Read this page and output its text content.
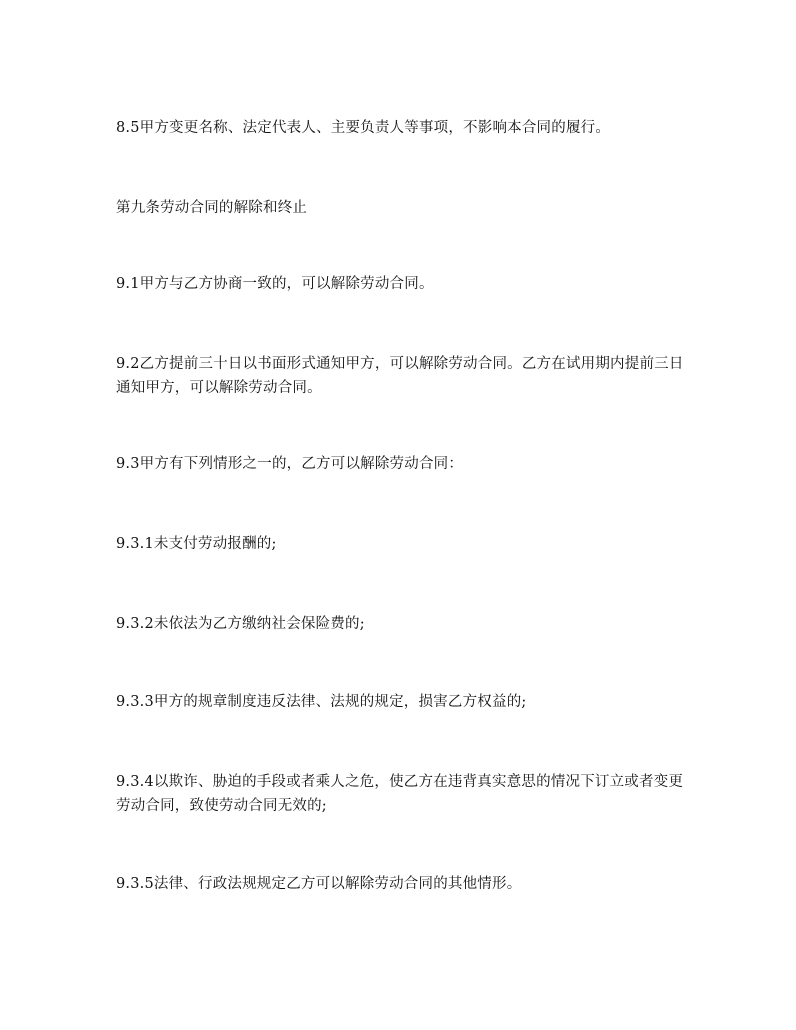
8.5甲方变更名称、法定代表人、主要负责人等事项，不影响本合同的履行。

第九条劳动合同的解除和终止

9.1甲方与乙方协商一致的，可以解除劳动合同。

9.2乙方提前三十日以书面形式通知甲方，可以解除劳动合同。乙方在试用期内提前三日通知甲方，可以解除劳动合同。

9.3甲方有下列情形之一的，乙方可以解除劳动合同：

9.3.1未支付劳动报酬的;

9.3.2未依法为乙方缴纳社会保险费的;

9.3.3甲方的规章制度违反法律、法规的规定，损害乙方权益的;

9.3.4以欺诈、胁迫的手段或者乘人之危，使乙方在违背真实意思的情况下订立或者变更劳动合同，致使劳动合同无效的;

9.3.5法律、行政法规规定乙方可以解除劳动合同的其他情形。
